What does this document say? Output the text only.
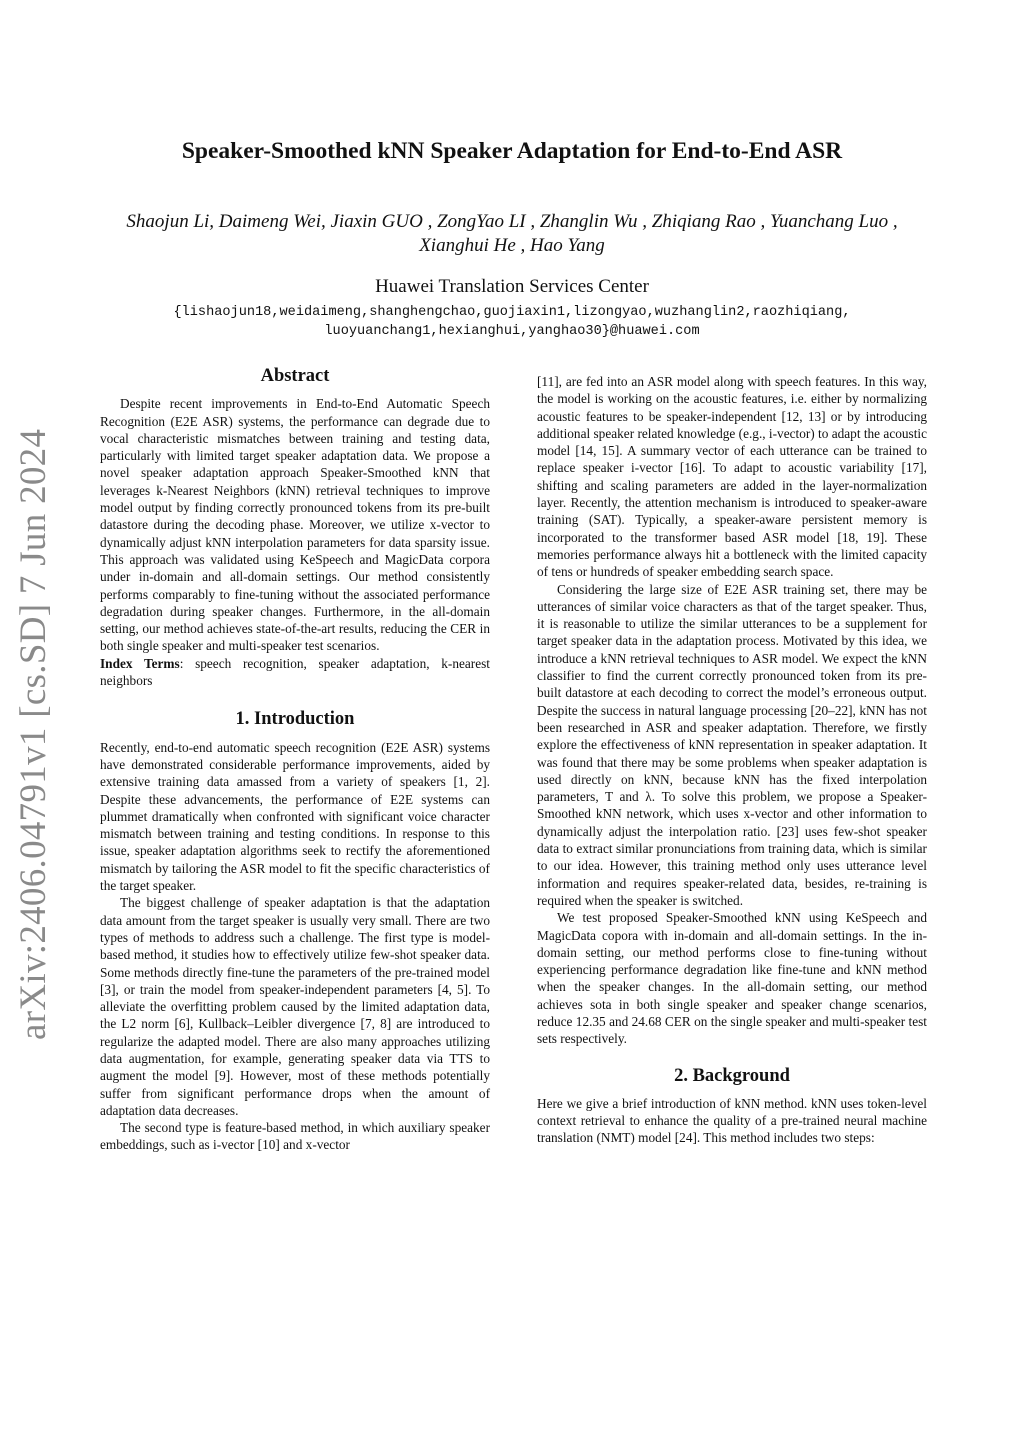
arXiv:2406.04791v1 [cs.SD] 7 Jun 2024
Speaker-Smoothed kNN Speaker Adaptation for End-to-End ASR
Shaojun Li, Daimeng Wei, Jiaxin GUO , ZongYao LI , Zhanglin Wu , Zhiqiang Rao , Yuanchang Luo , Xianghui He , Hao Yang
Huawei Translation Services Center
{lishaojun18,weidaimeng,shanghengchao,guojiaxin1,lizongyao,wuzhanglin2,raozhiqiang,
luoyuanchang1,hexianghui,yanghao30}@huawei.com
Abstract

Despite recent improvements in End-to-End Automatic Speech Recognition (E2E ASR) systems, the performance can degrade due to vocal characteristic mismatches between training and testing data, particularly with limited target speaker adaptation data. We propose a novel speaker adaptation approach Speaker-Smoothed kNN that leverages k-Nearest Neighbors (kNN) retrieval techniques to improve model output by finding correctly pronounced tokens from its pre-built datastore during the decoding phase. Moreover, we utilize x-vector to dynamically adjust kNN interpolation parameters for data sparsity issue. This approach was validated using KeSpeech and MagicData corpora under in-domain and all-domain settings. Our method consistently performs comparably to fine-tuning without the associated performance degradation during speaker changes. Furthermore, in the all-domain setting, our method achieves state-of-the-art results, reducing the CER in both single speaker and multi-speaker test scenarios.

Index Terms: speech recognition, speaker adaptation, k-nearest neighbors

1. Introduction

Recently, end-to-end automatic speech recognition (E2E ASR) systems have demonstrated considerable performance improvements, aided by extensive training data amassed from a variety of speakers [1, 2]. Despite these advancements, the performance of E2E systems can plummet dramatically when confronted with significant voice character mismatch between training and testing conditions. In response to this issue, speaker adaptation algorithms seek to rectify the aforementioned mismatch by tailoring the ASR model to fit the specific characteristics of the target speaker.

The biggest challenge of speaker adaptation is that the adaptation data amount from the target speaker is usually very small. There are two types of methods to address such a challenge. The first type is model-based method, it studies how to effectively utilize few-shot speaker data. Some methods directly fine-tune the parameters of the pre-trained model [3], or train the model from speaker-independent parameters [4, 5]. To alleviate the overfitting problem caused by the limited adaptation data, the L2 norm [6], Kullback–Leibler divergence [7, 8] are introduced to regularize the adapted model. There are also many approaches utilizing data augmentation, for example, generating speaker data via TTS to augment the model [9]. However, most of these methods potentially suffer from significant performance drops when the amount of adaptation data decreases.

The second type is feature-based method, in which auxiliary speaker embeddings, such as i-vector [10] and x-vector

[11], are fed into an ASR model along with speech features. In this way, the model is working on the acoustic features, i.e. either by normalizing acoustic features to be speaker-independent [12, 13] or by introducing additional speaker related knowledge (e.g., i-vector) to adapt the acoustic model [14, 15]. A summary vector of each utterance can be trained to replace speaker i-vector [16]. To adapt to acoustic variability [17], shifting and scaling parameters are added in the layer-normalization layer. Recently, the attention mechanism is introduced to speaker-aware training (SAT). Typically, a speaker-aware persistent memory is incorporated to the transformer based ASR model [18, 19]. These memories performance always hit a bottleneck with the limited capacity of tens or hundreds of speaker embedding search space.

Considering the large size of E2E ASR training set, there may be utterances of similar voice characters as that of the target speaker. Thus, it is reasonable to utilize the similar utterances to be a supplement for target speaker data in the adaptation process. Motivated by this idea, we introduce a kNN retrieval techniques to ASR model. We expect the kNN classifier to find the current correctly pronounced token from its pre-built datastore at each decoding to correct the model’s erroneous output. Despite the success in natural language processing [20–22], kNN has not been researched in ASR and speaker adaptation. Therefore, we firstly explore the effectiveness of kNN representation in speaker adaptation. It was found that there may be some problems when speaker adaptation is used directly on kNN, because kNN has the fixed interpolation parameters, T and λ. To solve this problem, we propose a Speaker-Smoothed kNN network, which uses x-vector and other information to dynamically adjust the interpolation ratio. [23] uses few-shot speaker data to extract similar pronunciations from training data, which is similar to our idea. However, this training method only uses utterance level information and requires speaker-related data, besides, re-training is required when the speaker is switched.

We test proposed Speaker-Smoothed kNN using KeSpeech and MagicData copora with in-domain and all-domain settings. In the in-domain setting, our method performs close to fine-tuning without experiencing performance degradation like fine-tune and kNN method when the speaker changes. In the all-domain setting, our method achieves sota in both single speaker and speaker change scenarios, reduce 12.35 and 24.68 CER on the single speaker and multi-speaker test sets respectively.

2. Background

Here we give a brief introduction of kNN method. kNN uses token-level context retrieval to enhance the quality of a pre-trained neural machine translation (NMT) model [24]. This method includes two steps:
